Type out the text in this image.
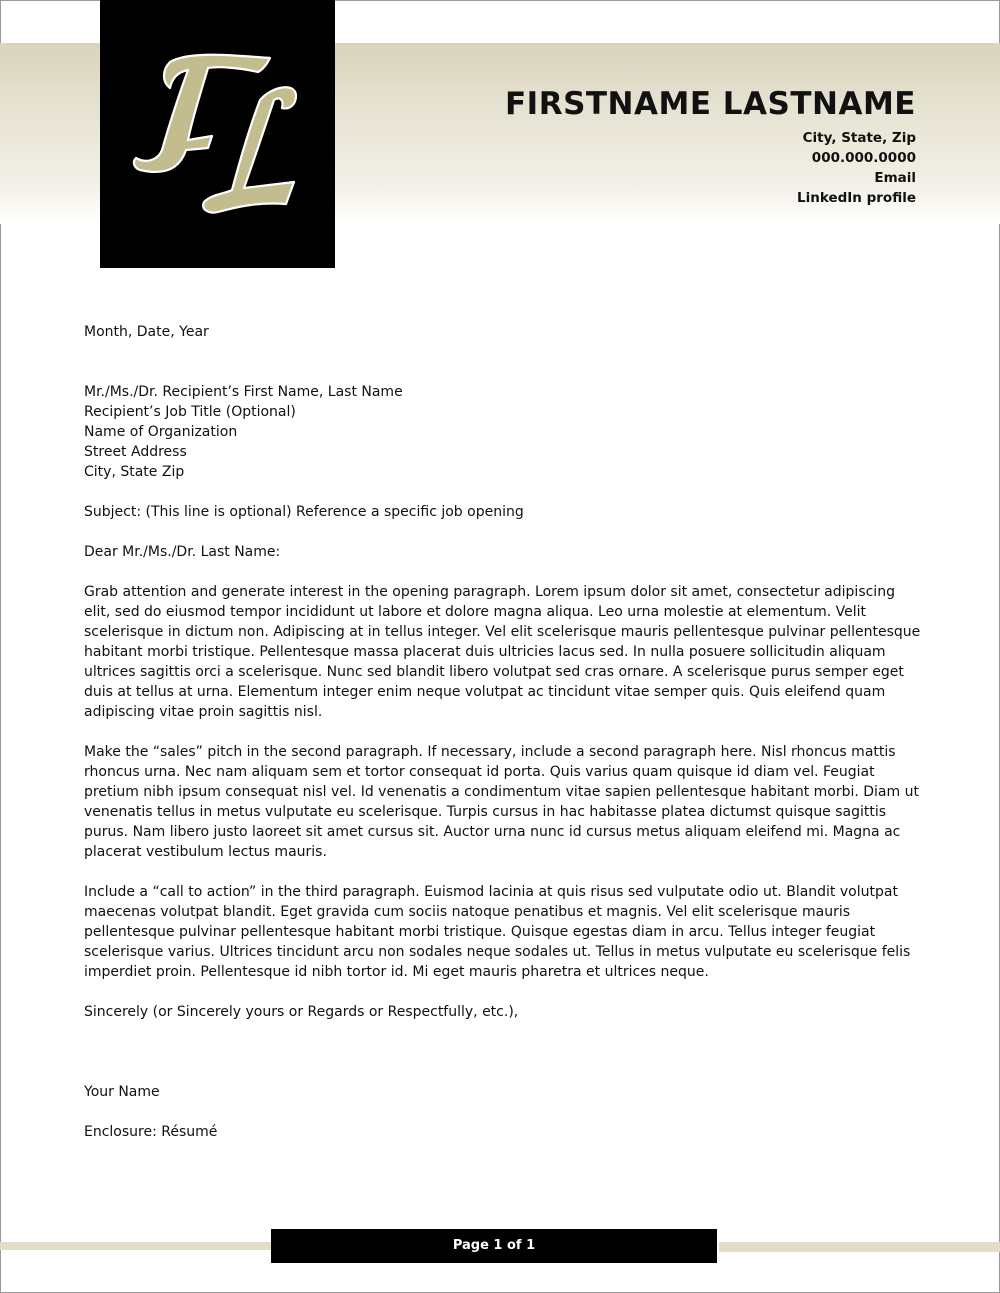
FIRSTNAME LASTNAME
City, State, Zip
000.000.0000
Email
LinkedIn profile

Month, Date, Year

Mr./Ms./Dr. Recipient’s First Name, Last Name

Recipient’s Job Title (Optional)

Name of Organization

Street Address

City, State Zip

Subject: (This line is optional) Reference a specific job opening

Dear Mr./Ms./Dr. Last Name:

Grab attention and generate interest in the opening paragraph. Lorem ipsum dolor sit amet, consectetur adipiscing elit, sed do eiusmod tempor incididunt ut labore et dolore magna aliqua. Leo urna molestie at elementum. Velit scelerisque in dictum non. Adipiscing at in tellus integer. Vel elit scelerisque mauris pellentesque pulvinar pellentesque habitant morbi tristique. Pellentesque massa placerat duis ultricies lacus sed. In nulla posuere sollicitudin aliquam ultrices sagittis orci a scelerisque. Nunc sed blandit libero volutpat sed cras ornare. A scelerisque purus semper eget duis at tellus at urna. Elementum integer enim neque volutpat ac tincidunt vitae semper quis. Quis eleifend quam adipiscing vitae proin sagittis nisl.

Make the “sales” pitch in the second paragraph. If necessary, include a second paragraph here. Nisl rhoncus mattis rhoncus urna. Nec nam aliquam sem et tortor consequat id porta. Quis varius quam quisque id diam vel. Feugiat pretium nibh ipsum consequat nisl vel. Id venenatis a condimentum vitae sapien pellentesque habitant morbi. Diam ut venenatis tellus in metus vulputate eu scelerisque. Turpis cursus in hac habitasse platea dictumst quisque sagittis purus. Nam libero justo laoreet sit amet cursus sit. Auctor urna nunc id cursus metus aliquam eleifend mi. Magna ac placerat vestibulum lectus mauris.

Include a “call to action” in the third paragraph. Euismod lacinia at quis risus sed vulputate odio ut. Blandit volutpat maecenas volutpat blandit. Eget gravida cum sociis natoque penatibus et magnis. Vel elit scelerisque mauris pellentesque pulvinar pellentesque habitant morbi tristique. Quisque egestas diam in arcu. Tellus integer feugiat scelerisque varius. Ultrices tincidunt arcu non sodales neque sodales ut. Tellus in metus vulputate eu scelerisque felis imperdiet proin. Pellentesque id nibh tortor id. Mi eget mauris pharetra et ultrices neque.

Sincerely (or Sincerely yours or Regards or Respectfully, etc.),

Your Name

Enclosure: Résumé

Page 1 of 1
